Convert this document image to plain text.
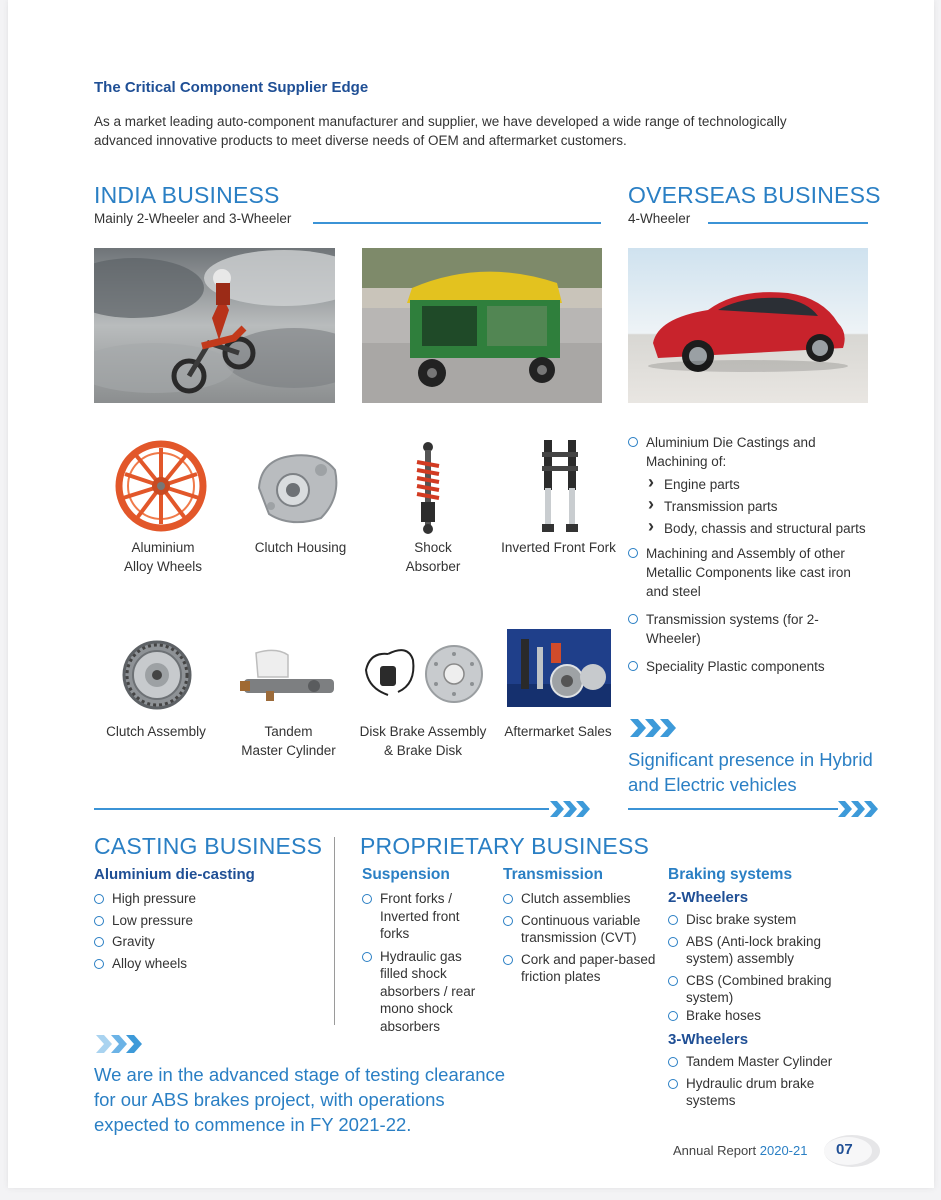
The Critical Component Supplier Edge
As a market leading auto-component manufacturer and supplier, we have developed a wide range of technologically advanced innovative products to meet diverse needs of OEM and aftermarket customers.
INDIA BUSINESS
Mainly 2-Wheeler and 3-Wheeler
OVERSEAS BUSINESS
4-Wheeler
Aluminium
Alloy Wheels
Clutch Housing	Shock
Absorber
Inverted Front Fork
Clutch Assembly	Tandem
Master Cylinder
Disk Brake Assembly
& Brake Disk
Aftermarket Sales
Aluminium Die Castings and Machining of:
› Engine parts
› Transmission parts
› Body, chassis and structural parts
Machining and Assembly of other Metallic Components like cast iron and steel
Transmission systems (for 2-Wheeler)
Speciality Plastic components
Significant presence in Hybrid and Electric vehicles
CASTING BUSINESS
Aluminium die-casting
High pressure
Low pressure
Gravity
Alloy wheels
PROPRIETARY BUSINESS
Suspension
Front forks / Inverted front forks
Hydraulic gas filled shock absorbers / rear mono shock absorbers
Transmission
Clutch assemblies
Continuous variable transmission (CVT)
Cork and paper-based friction plates
Braking systems
2-Wheelers
Disc brake system
ABS (Anti-lock braking system) assembly
CBS (Combined braking system)
Brake hoses
3-Wheelers
Tandem Master Cylinder
Hydraulic drum brake systems
We are in the advanced stage of testing clearance for our ABS brakes project, with operations expected to commence in FY 2021-22.
Annual Report 2020-21 07
